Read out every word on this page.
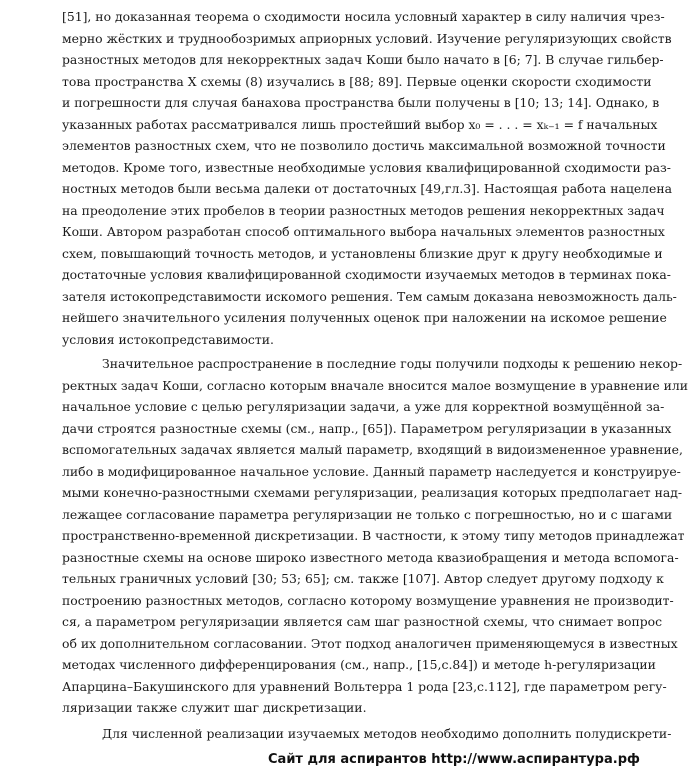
[51], но доказанная теорема о сходимости носила условный характер в силу наличия чрез-
мерно жёстких и труднообозримых априорных условий. Изучение регуляризующих свойств
разностных методов для некорректных задач Коши было начато в [6; 7]. В случае гильбер-
това пространства X схемы (8) изучались в [88; 89]. Первые оценки скорости сходимости
и погрешности для случая банахова пространства были получены в [10; 13; 14]. Однако, в
указанных работах рассматривался лишь простейший выбор x₀ = . . . = xₖ₋₁ = f начальных
элементов разностных схем, что не позволило достичь максимальной возможной точности
методов. Кроме того, известные необходимые условия квалифицированной сходимости раз-
ностных методов были весьма далеки от достаточных [49,гл.3]. Настоящая работа нацелена
на преодоление этих пробелов в теории разностных методов решения некорректных задач
Коши. Автором разработан способ оптимального выбора начальных элементов разностных
схем, повышающий точность методов, и установлены близкие друг к другу необходимые и
достаточные условия квалифицированной сходимости изучаемых методов в терминах пока-
зателя истокопредставимости искомого решения. Тем самым доказана невозможность даль-
нейшего значительного усиления полученных оценок при наложении на искомое решение
условия истокопредставимости.
Значительное распространение в последние годы получили подходы к решению некор-
ректных задач Коши, согласно которым вначале вносится малое возмущение в уравнение или
начальное условие с целью регуляризации задачи, а уже для корректной возмущённой за-
дачи строятся разностные схемы (см., напр., [65]). Параметром регуляризации в указанных
вспомогательных задачах является малый параметр, входящий в видоизмененное уравнение,
либо в модифицированное начальное условие. Данный параметр наследуется и конструируе-
мыми конечно-разностными схемами регуляризации, реализация которых предполагает над-
лежащее согласование параметра регуляризации не только с погрешностью, но и с шагами
пространственно-временной дискретизации. В частности, к этому типу методов принадлежат
разностные схемы на основе широко известного метода квазиобращения и метода вспомога-
тельных граничных условий [30; 53; 65]; см. также [107]. Автор следует другому подходу к
построению разностных методов, согласно которому возмущение уравнения не производит-
ся, а параметром регуляризации является сам шаг разностной схемы, что снимает вопрос
об их дополнительном согласовании. Этот подход аналогичен применяющемуся в известных
методах численного дифференцирования (см., напр., [15,с.84]) и методе h-регуляризации
Апарцина–Бакушинского для уравнений Вольтерра 1 рода [23,с.112], где параметром регу-
ляризации также служит шаг дискретизации.
Для численной реализации изучаемых методов необходимо дополнить полудискрети-
Сайт для аспирантов http://www.аспирантура.рф
